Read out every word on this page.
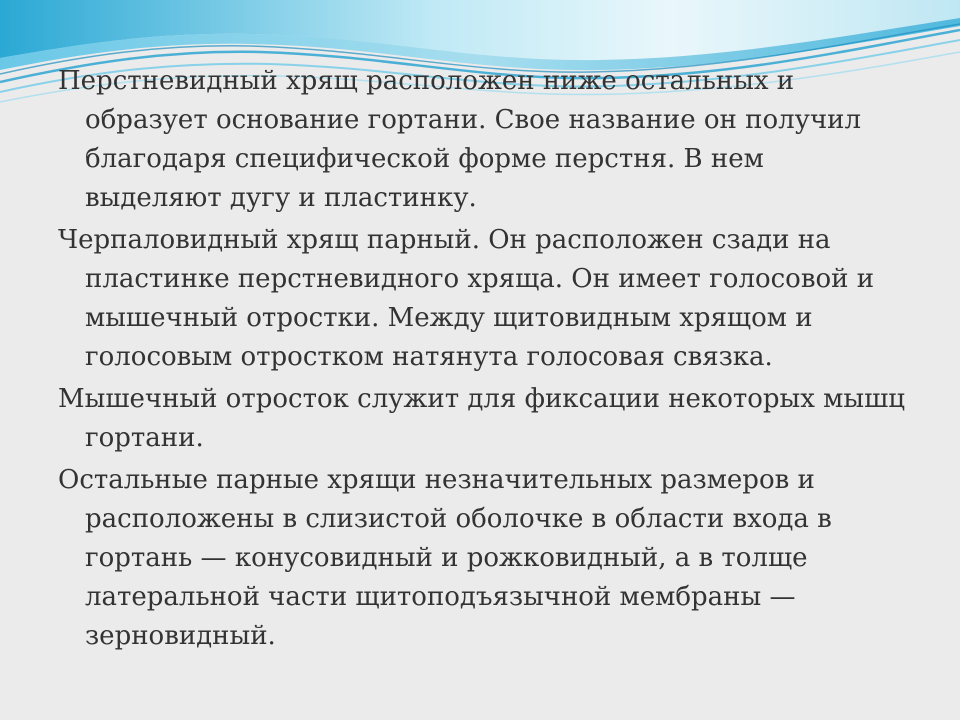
Перстневидный хрящ расположен ниже остальных и образует основание гортани. Свое название он получил благодаря специфической форме перстня. В нем выделяют дугу и пластинку.

Черпаловидный хрящ парный. Он расположен сзади на пластинке перстневидного хряща. Он имеет голосовой и мышечный отростки. Между щитовидным хрящом и голосовым отростком натянута голосовая связка.

Мышечный отросток служит для фиксации некоторых мышц гортани.

Остальные парные хрящи незначительных размеров и расположены в слизистой оболочке в области входа в гортань — конусовидный и рожковидный, а в толще латеральной части щитоподъязычной мембраны — зерновидный.
